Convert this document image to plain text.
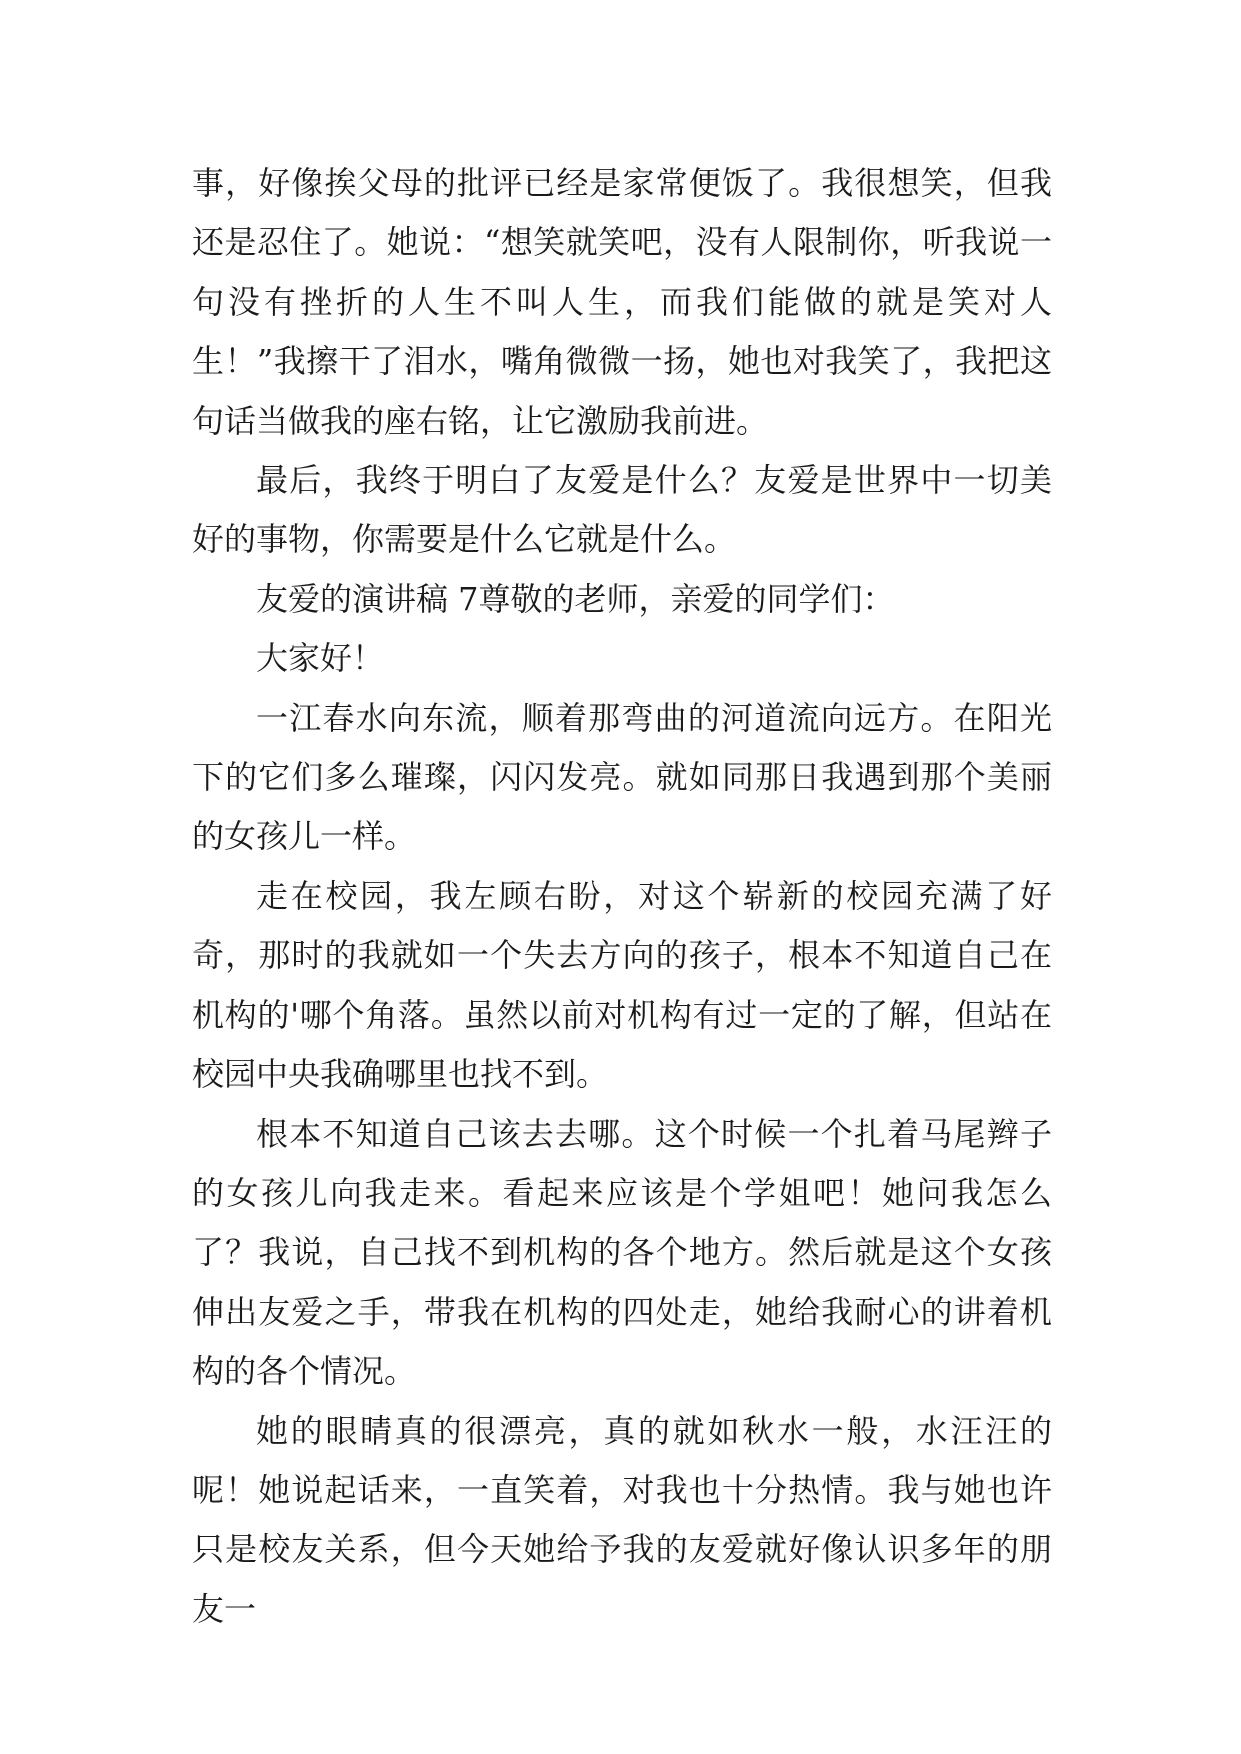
事，好像挨父母的批评已经是家常便饭了。我很想笑，但我还是忍住了。她说：“想笑就笑吧，没有人限制你，听我说一句没有挫折的人生不叫人生，而我们能做的就是笑对人生！”我擦干了泪水，嘴角微微一扬，她也对我笑了，我把这句话当做我的座右铭，让它激励我前进。

最后，我终于明白了友爱是什么？友爱是世界中一切美好的事物，你需要是什么它就是什么。

友爱的演讲稿 7尊敬的老师，亲爱的同学们：

大家好！

一江春水向东流，顺着那弯曲的河道流向远方。在阳光下的它们多么璀璨，闪闪发亮。就如同那日我遇到那个美丽的女孩儿一样。

走在校园，我左顾右盼，对这个崭新的校园充满了好奇，那时的我就如一个失去方向的孩子，根本不知道自己在机构的'哪个角落。虽然以前对机构有过一定的了解，但站在校园中央我确哪里也找不到。

根本不知道自己该去去哪。这个时候一个扎着马尾辫子的女孩儿向我走来。看起来应该是个学姐吧！她问我怎么了？我说，自己找不到机构的各个地方。然后就是这个女孩伸出友爱之手，带我在机构的四处走，她给我耐心的讲着机构的各个情况。

她的眼睛真的很漂亮，真的就如秋水一般，水汪汪的呢！她说起话来，一直笑着，对我也十分热情。我与她也许只是校友关系，但今天她给予我的友爱就好像认识多年的朋友一
